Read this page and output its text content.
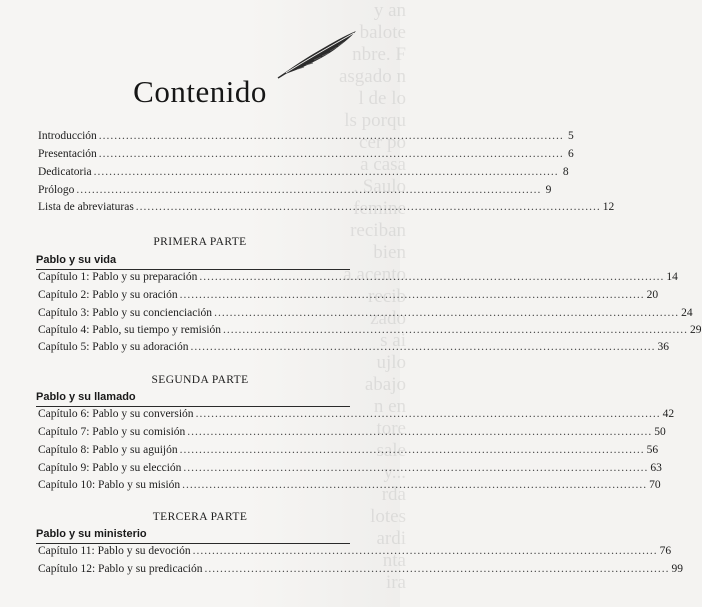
y an
balote
nbre. F
asgado n
l de lo
ls porqu
cer po
a casa
. Saulo
femine
reciban
bien
a acento
recib
zado
s ai
ujlo
abajo
n en
tore
sale
y...
rda
lotes
ardi
nta
ira
Contenido
Introducción .....	5
Presentación .....	6
Dedicatoria .....	8
Prólogo .....	9
Lista de abreviaturas .....	12
PRIMERA PARTE
Pablo y su vida
Capítulo 1: Pablo y su preparación .....	14
Capítulo 2: Pablo y su oración .....	20
Capítulo 3: Pablo y su concienciación .....	24
Capítulo 4: Pablo, su tiempo y remisión .....	29
Capítulo 5: Pablo y su adoración .....	36
SEGUNDA PARTE
Pablo y su llamado
Capítulo 6: Pablo y su conversión .....	42
Capítulo 7: Pablo y su comisión .....	50
Capítulo 8: Pablo y su aguijón .....	56
Capítulo 9: Pablo y su elección .....	63
Capítulo 10: Pablo y su misión .....	70
TERCERA PARTE
Pablo y su ministerio
Capítulo 11: Pablo y su devoción .....	76
Capítulo 12: Pablo y su predicación .....	99
